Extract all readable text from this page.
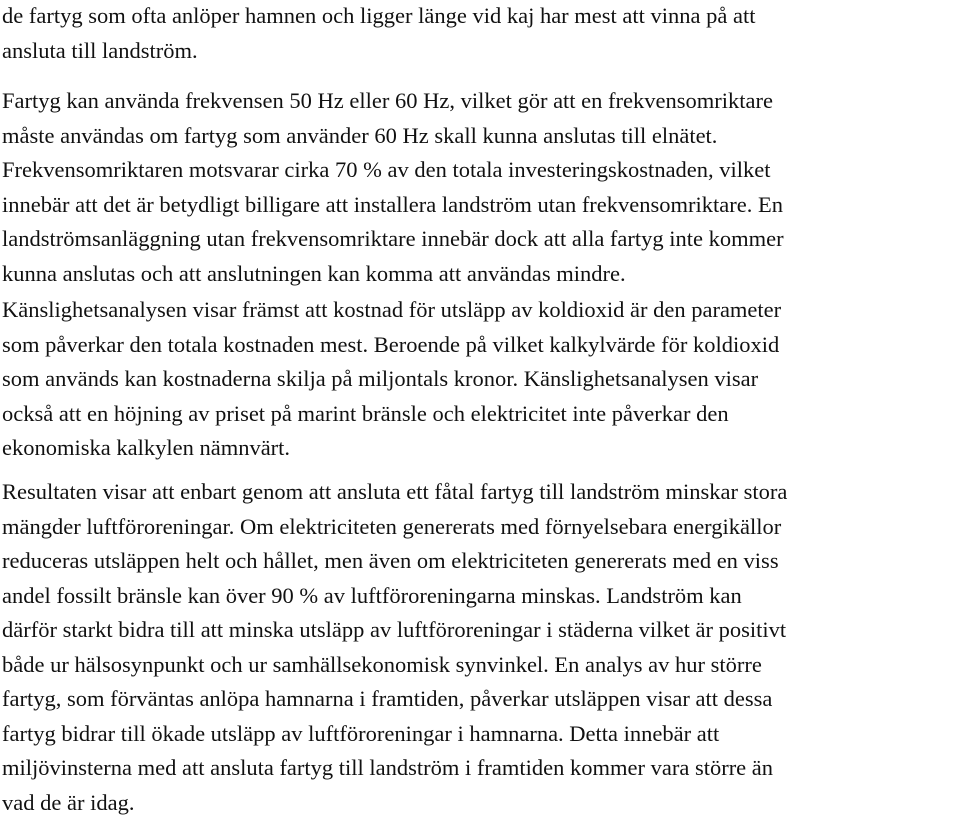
de fartyg som ofta anlöper hamnen och ligger länge vid kaj har mest att vinna på att
ansluta till landström.

Fartyg kan använda frekvensen 50 Hz eller 60 Hz, vilket gör att en frekvensomriktare
måste användas om fartyg som använder 60 Hz skall kunna anslutas till elnätet.
Frekvensomriktaren motsvarar cirka 70 % av den totala investeringskostnaden, vilket
innebär att det är betydligt billigare att installera landström utan frekvensomriktare. En
landströmsanläggning utan frekvensomriktare innebär dock att alla fartyg inte kommer
kunna anslutas och att anslutningen kan komma att användas mindre.

Känslighetsanalysen visar främst att kostnad för utsläpp av koldioxid är den parameter
som påverkar den totala kostnaden mest. Beroende på vilket kalkylvärde för koldioxid
som används kan kostnaderna skilja på miljontals kronor. Känslighetsanalysen visar
också att en höjning av priset på marint bränsle och elektricitet inte påverkar den
ekonomiska kalkylen nämnvärt.

Resultaten visar att enbart genom att ansluta ett fåtal fartyg till landström minskar stora
mängder luftföroreningar. Om elektriciteten genererats med förnyelsebara energikällor
reduceras utsläppen helt och hållet, men även om elektriciteten genererats med en viss
andel fossilt bränsle kan över 90 % av luftföroreningarna minskas. Landström kan
därför starkt bidra till att minska utsläpp av luftföroreningar i städerna vilket är positivt
både ur hälsosynpunkt och ur samhällsekonomisk synvinkel. En analys av hur större
fartyg, som förväntas anlöpa hamnarna i framtiden, påverkar utsläppen visar att dessa
fartyg bidrar till ökade utsläpp av luftföroreningar i hamnarna. Detta innebär att
miljövinsterna med att ansluta fartyg till landström i framtiden kommer vara större än
vad de är idag.
